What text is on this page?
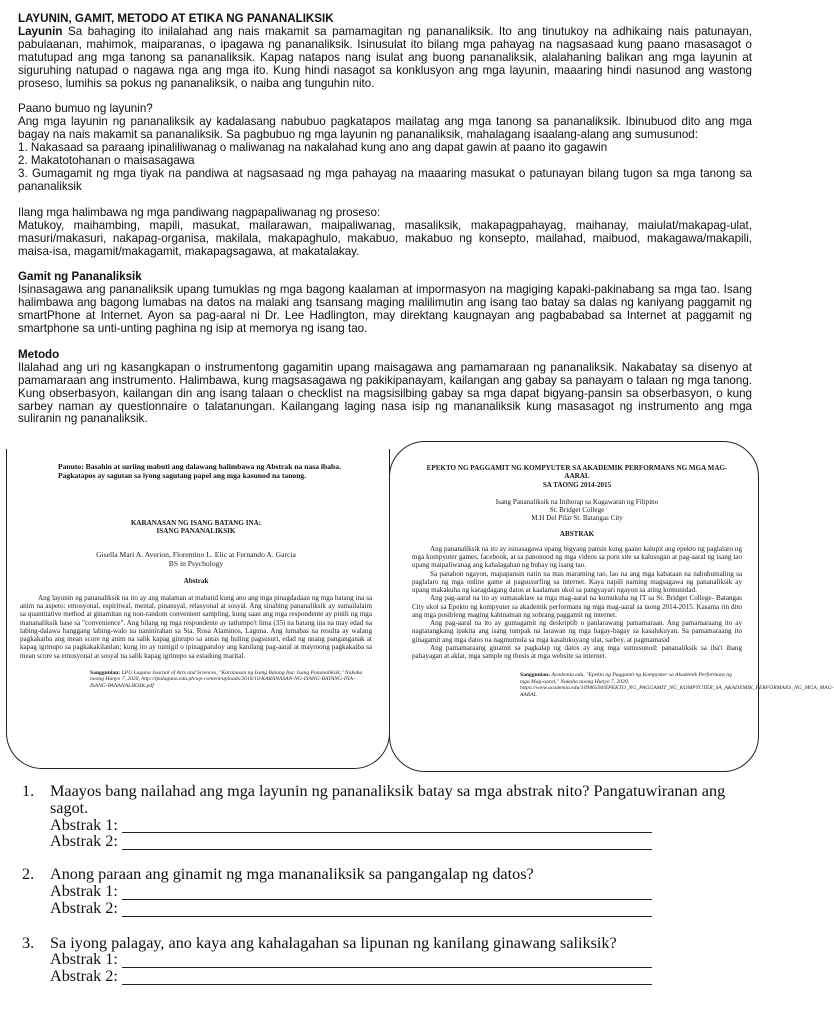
LAYUNIN, GAMIT, METODO AT ETIKA NG PANANALIKSIK

Layunin Sa bahaging ito inilalahad ang nais makamit sa pamamagitan ng pananaliksik. Ito ang tinutukoy na adhikaing nais patunayan, pabulaanan, mahimok, maiparanas, o ipagawa ng pananaliksik. Isinusulat ito bilang mga pahayag na nagsasaad kung paano masasagot o matutupad ang mga tanong sa pananaliksik. Kapag natapos nang isulat ang buong pananaliksik, alalahaning balikan ang mga layunin at siguruhing natupad o nagawa nga ang mga ito. Kung hindi nasagot sa konklusyon ang mga layunin, maaaring hindi nasunod ang wastong proseso, lumihis sa pokus ng pananaliksik, o naiba ang tunguhin nito.

Paano bumuo ng layunin?

Ang mga layunin ng pananaliksik ay kadalasang nabubuo pagkatapos mailatag ang mga tanong sa pananaliksik. Ibinubuod dito ang mga bagay na nais makamit sa pananaliksik. Sa pagbubuo ng mga layunin ng pananaliksik, mahalagang isaalang-alang ang sumusunod:

1. Nakasaad sa paraang ipinaliliwanag o maliwanag na nakalahad kung ano ang dapat gawin at paano ito gagawin

2. Makatotohanan o maisasagawa

3. Gumagamit ng mga tiyak na pandiwa at nagsasaad ng mga pahayag na maaaring masukat o patunayan bilang tugon sa mga tanong sa pananaliksik

Ilang mga halimbawa ng mga pandiwang nagpapaliwanag ng proseso:

Matukoy, maihambing, mapili, masukat, mailarawan, maipaliwanag, masaliksik, makapagpahayag, maihanay, maiulat/makapag-ulat, masuri/makasuri, nakapag-organisa, makilala, makapaghulo, makabuo, makabuo ng konsepto, mailahad, maibuod, makagawa/makapili, maisa-isa, magamit/makagamit, makapagsagawa, at makatalakay.

Gamit ng Pananaliksik

Isinasagawa ang pananaliksik upang tumuklas ng mga bagong kaalaman at impormasyon na magiging kapaki-pakinabang sa mga tao. Isang halimbawa ang bagong lumabas na datos na malaki ang tsansang maging malilimutin ang isang tao batay sa dalas ng kaniyang paggamit ng smartPhone at Internet. Ayon sa pag-aaral ni Dr. Lee Hadlington, may direktang kaugnayan ang pagbababad sa Internet at paggamit ng smartphone sa unti-unting paghina ng isip at memorya ng isang tao.

Metodo

Ilalahad ang uri ng kasangkapan o instrumentong gagamitin upang maisagawa ang pamamaraan ng pananaliksik. Nakabatay sa disenyo at pamamaraan ang instrumento. Halimbawa, kung magsasagawa ng pakikipanayam, kailangan ang gabay sa panayam o talaan ng mga tanong. Kung obserbasyon, kailangan din ang isang talaan o checklist na magsisilbing gabay sa mga dapat bigyang-pansin sa obserbasyon, o kung sarbey naman ay questionnaire o talatanungan. Kailangang laging nasa isip ng mananaliksik kung masasagot ng instrumento ang mga suliranin ng pananaliksik.

Panuto: Basahin at suriing mabuti ang dalawang halimbawa ng Abstrak na nasa ibaba. Pagkatapos ay sagutan sa iyong sagutang papel ang mga kasunod na tanong.
KARANASAN NG ISANG BATANG INA:
ISANG PANANALIKSIK
Gisella Mari A. Averion, Florentino L. Elic at Fernando A. Garcia
BS in Psychology
Abstrak

Ang layunin ng pananaliksik na ito ay ang malaman at mabatid kung ano ang mga pinagdadaan ng mga batang ina sa anim na aspeto: emosyonal, espiritwal, mental, pinansyal, relasyonal at sosyal. Ang sinabing pananaliksik ay sumailalaim sa quantitative method at ginamitan ng non-random convenient sampling, kung saan ang mga respondente ay pinili ng mga mananaliksik base sa "convenience". Ang bilang ng mga respondente ay tatlumpo't lima (35) na batang ina na may edad na labing-dalawa hanggang labing-walo na naninirahan sa Sta. Rosa Alaminos, Laguna. Ang lumabas na resulta ay walang pagkakaiba ang mean score ng anim na salik kapag ginrupo sa antas ng huling pagsusuri, edad ng unang panganganak at kapag igrinupo sa pagkakakilanlan; kung ito ay tumigil o ipinagpatuloy ang kanilang pag-aaral at mayroong pagkakaiba sa mean score sa emosyonal at sosyal na salik kapag igrinupo sa estadong marital.

Sanggunian: LPU Laguna Journal of Arts and Sciences, "Karanasan ng Isang Batang Ina: Isang Pananaliksik," Nakuha noong Hunyo 7, 2020, http://lpulaguna.edu.ph/wp-content/uploads/2016/10/KARANASAN-NG-ISANG-BATANG-INA-ISANG-PANANALIKSIK.pdf
EPEKTO NG PAGGAMIT NG KOMPYUTER SA AKADEMIK PERFORMANS NG MGA MAG-AARAL
SA TAONG 2014-2015
Isang Pananaliksik na Inihorap sa Kagawaran ng Filipino
St. Bridget College
M.H Del Pilar St. Batangas City
ABSTRAK

Ang pananaliksik na ito ay isinasagawa upang bigyang pansin kung gaano kalupit ang epekto ng paglalaro ng mga kompyuter games, facebook, at sa panonood ng mga videos sa porn site sa kalusugan at pag-aaral ng isang tao upang maipaliwanag ang kahalagahan ng buhay ng isang tao.

Sa panahon ngayon, mapapansin natin na mas maraming tao, lao na ang mga kabataan na nahuhumaling sa paglalaro ng mga online game at pagsusurfing sa internet. Kaya napili naming magsagawa ng pananaliksik ay upang makakuha ng karagdagang datos at kaalaman ukol sa pangyayari ngayon sa ating komunidad.

Ang pag-aaral na ito ay sumasaklaw sa mga mag-aaral na kumukuha ng IT sa St. Bridget College- Batangas City ukol sa Epekto ng kompyuter sa akademik performans ng mga mag-aaral sa taong 2014-2015. Kasama rin dito ang mga posibleng maging kahinatnan ng sobrang paggamit ng internet.

Ang pag-aaral na ito ay gumagamit ng deskriptib o panlarawang pamamaraan. Ang pamamaraang ito ay nagtatangkang ipakita ang isang tumpak na larawan ng mga bagay-bagay sa kasalukuyan. Sa pamamaraang ito ginagamit ang mga datos na nagmumula sa mga kasalukuyang ulat, sarbey, at pagmamasid

Ang pamamaraang ginamit sa pagkalap ng datos ay ang mga sumusunod: pananaliksik sa iba't ibang pahayagan at aklat, mga sample ng thesis at mga website sa internet.

Sanggunian: Academia.edu, "Epekto ng Paggamit ng Kompyuter sa Akademik Performans ng mga Mag-aaral," Nakuha noong Hunyo 7, 2020, https://www.academia.edu/10986594/EPEKTO_NG_PAGGAMIT_NG_KOMPYUTER_SA_AKADEMIK_PERFORMANS_NG_MGA_MAG-AARAL
1. Maayos bang nailahad ang mga layunin ng pananaliksik batay sa mga abstrak nito? Pangatuwiranan ang sagot.
Abstrak 1:
Abstrak 2:
2. Anong paraan ang ginamit ng mga mananaliksik sa pangangalap ng datos?
Abstrak 1:
Abstrak 2:
3. Sa iyong palagay, ano kaya ang kahalagahan sa lipunan ng kanilang ginawang saliksik?
Abstrak 1:
Abstrak 2:
